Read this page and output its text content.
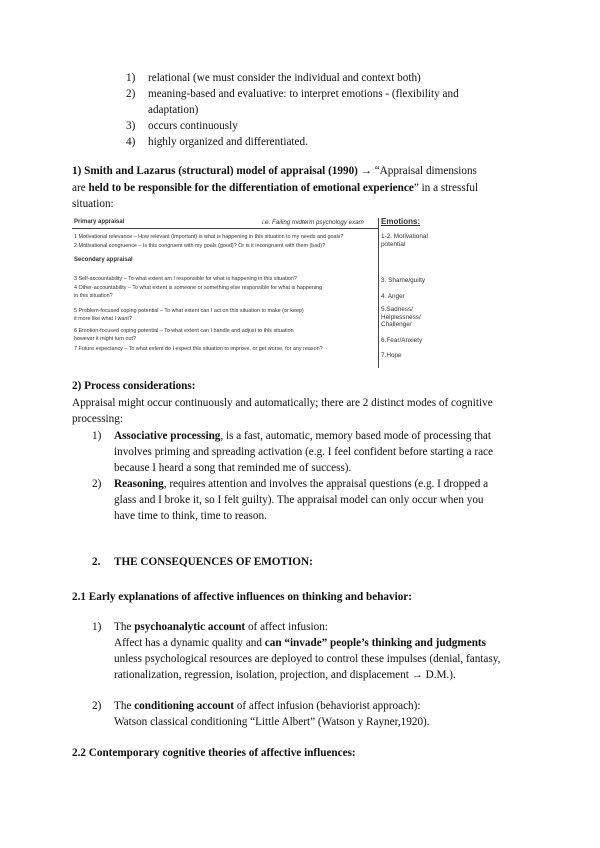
1) relational (we must consider the individual and context both)
2) meaning-based and evaluative: to interpret emotions - (flexibility and
adaptation)
3) occurs continuously
4) highly organized and differentiated.
1) Smith and Lazarus (structural) model of appraisal (1990) → “Appraisal dimensions
are held to be responsible for the differentiation of emotional experience” in a stressful
situation:
Primary appraisal	i.e. Failing midterm psychology exam
1 Motivational relevance – How relevant (important) is what is happening in this situation to my needs and goals?
2 Motivational congruence – Is this congruent with my goals (good)? Or is it incongruent with them (bad)?
Secondary appraisal
3 Self-accountability – To what extent am I responsible for what is happening in this situation?
4 Other-accountability – To what extent is someone or something else responsible for what is happening
in this situation?
5 Problem-focused coping potential – To what extent can I act on this situation to make (or keep)
it more like what I want?
6 Emotion-focused coping potential – To what extent can I handle and adjust to this situation
however it might turn out?
7 Future expectancy – To what extent do I expect this situation to improve, or get worse, for any reason?
Emotions:
1-2. Motivational potential
3. Shame/guilty
4. Anger
5.Sadness/ Helplessness/ Challenge/
6.Fear/Anxiety
7.Hope
2) Process considerations:
Appraisal might occur continuously and automatically; there are 2 distinct modes of cognitive
processing:
1) Associative processing, is a fast, automatic, memory based mode of processing that
involves priming and spreading activation (e.g. I feel confident before starting a race
because I heard a song that reminded me of success).
2) Reasoning, requires attention and involves the appraisal questions (e.g. I dropped a
glass and I broke it, so I felt guilty). The appraisal model can only occur when you
have time to think, time to reason.
2. THE CONSEQUENCES OF EMOTION:
2.1 Early explanations of affective influences on thinking and behavior:
1) The psychoanalytic account of affect infusion:
Affect has a dynamic quality and can “invade” people’s thinking and judgments
unless psychological resources are deployed to control these impulses (denial, fantasy,
rationalization, regression, isolation, projection, and displacement → D.M.).
2) The conditioning account of affect infusion (behaviorist approach):
Watson classical conditioning “Little Albert” (Watson y Rayner,1920).
2.2 Contemporary cognitive theories of affective influences:
